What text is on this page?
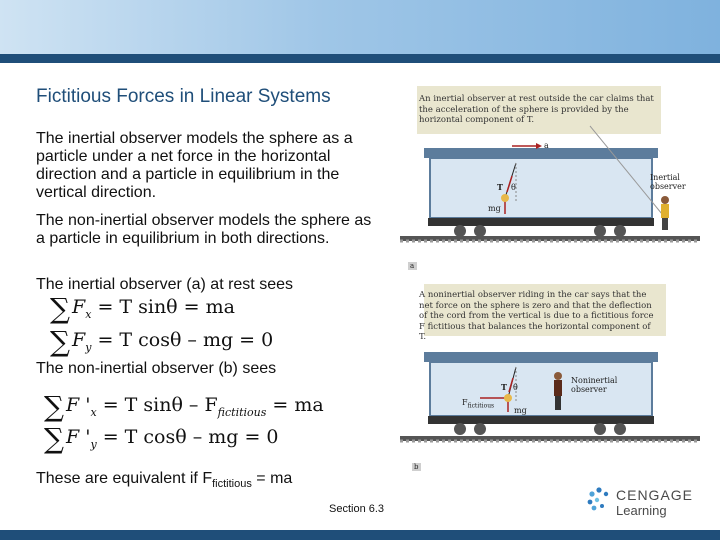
Fictitious Forces in Linear Systems

The inertial observer models the sphere as a particle under a net force in the horizontal direction and a particle in equilibrium in the vertical direction.

The non-inertial observer models the sphere as a particle in equilibrium in both directions.

The inertial observer (a) at rest sees

∑ $F_x = T$ sinθ = ma
∑ $F_y = T$ cosθ – mg = 0

The non-inertial observer (b) sees

∑ F '$_x = T$ sinθ – $F_{fictitious}$ = ma
∑ F '$_y = T$ cosθ – mg = 0

These are equivalent if $F_{fictitious}$ = ma

An inertial observer at rest outside the car claims that the acceleration of the sphere is provided by the horizontal component of T.
A noninertial observer riding in the car says that the net force on the sphere is zero and that the deflection of the cord from the vertical is due to a fictitious force F fictitious that balances the horizontal component of T.
a
T θ
mg
Inertial
observer
a
T θ
mg
$F_{fictitious}$
Noninertial
observer
b
Section 6.3
CENGAGE
Learning
